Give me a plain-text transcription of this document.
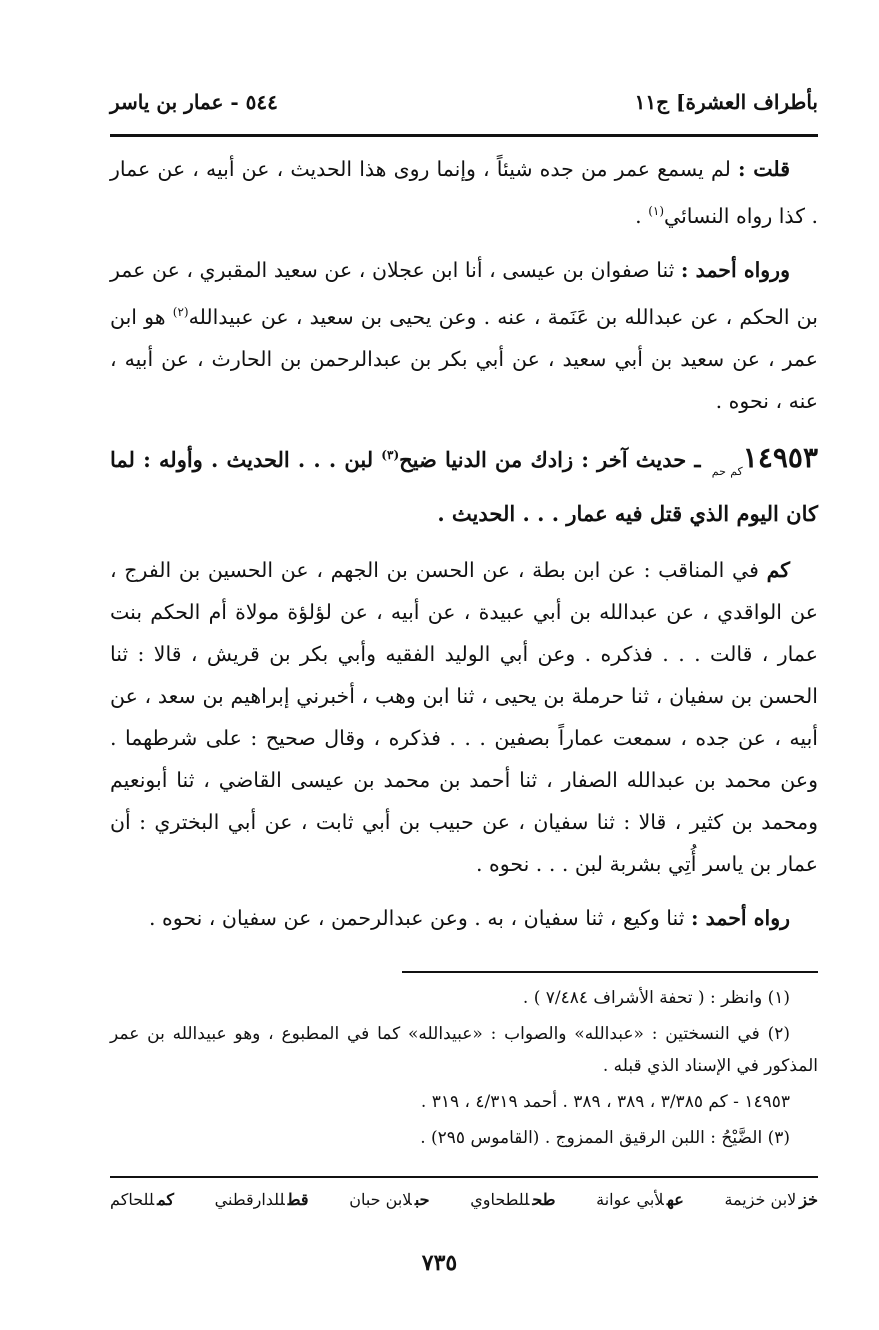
بأطراف العشرة] ج١١
٥٤٤ - عمار بن ياسر

قلت : لم يسمع عمر من جده شيئاً ، وإنما روى هذا الحديث ، عن أبيه ، عن عمار . كذا رواه النسائي$^{(١)}$ .

ورواه أحمد : ثنا صفوان بن عيسى ، أنا ابن عجلان ، عن سعيد المقبري ، عن عمر بن الحكم ، عن عبدالله بن عَنَمة ، عنه . وعن يحيى بن سعيد ، عن عبيدالله$^{(٢)}$ هو ابن عمر ، عن سعيد بن أبي سعيد ، عن أبي بكر بن عبدالرحمن بن الحارث ، عن أبيه ، عنه ، نحوه .

$١٤٩٥٣_{كم حم}$ ـ حديث آخر : زادك من الدنيا ضيح$^{(٣)}$ لبن . . . الحديث . وأوله : لما كان اليوم الذي قتل فيه عمار . . . الحديث .

كم في المناقب : عن ابن بطة ، عن الحسن بن الجهم ، عن الحسين بن الفرج ، عن الواقدي ، عن عبدالله بن أبي عبيدة ، عن أبيه ، عن لؤلؤة مولاة أم الحكم بنت عمار ، قالت . . . فذكره . وعن أبي الوليد الفقيه وأبي بكر بن قريش ، قالا : ثنا الحسن بن سفيان ، ثنا حرملة بن يحيى ، ثنا ابن وهب ، أخبرني إبراهيم بن سعد ، عن أبيه ، عن جده ، سمعت عماراً بصفين . . . فذكره ، وقال صحيح : على شرطهما . وعن محمد بن عبدالله الصفار ، ثنا أحمد بن محمد بن عيسى القاضي ، ثنا أبونعيم ومحمد بن كثير ، قالا : ثنا سفيان ، عن حبيب بن أبي ثابت ، عن أبي البختري : أن عمار بن ياسر أُتِي بشربة لبن . . . نحوه .

رواه أحمد : ثنا وكيع ، ثنا سفيان ، به . وعن عبدالرحمن ، عن سفيان ، نحوه .

(١) وانظر : ( تحفة الأشراف ٧/٤٨٤ ) .

(٢) في النسختين : «عبدالله» والصواب : «عبيدالله» كما في المطبوع ، وهو عبيدالله بن عمر المذكور في الإسناد الذي قبله .

١٤٩٥٣ - كم ٣/٣٨٥ ، ٣٨٩ ، ٣٨٩ . أحمد ٤/٣١٩ ، ٣١٩ .

(٣) الضَّيْحُ : اللبن الرقيق الممزوج . (القاموس ٢٩٥) .

خزلابن خزيمة
عهلأبي عوانة
طحللطحاوي
حبلابن حبان
قطللدارقطني
كمللحاكم
٧٣٥
